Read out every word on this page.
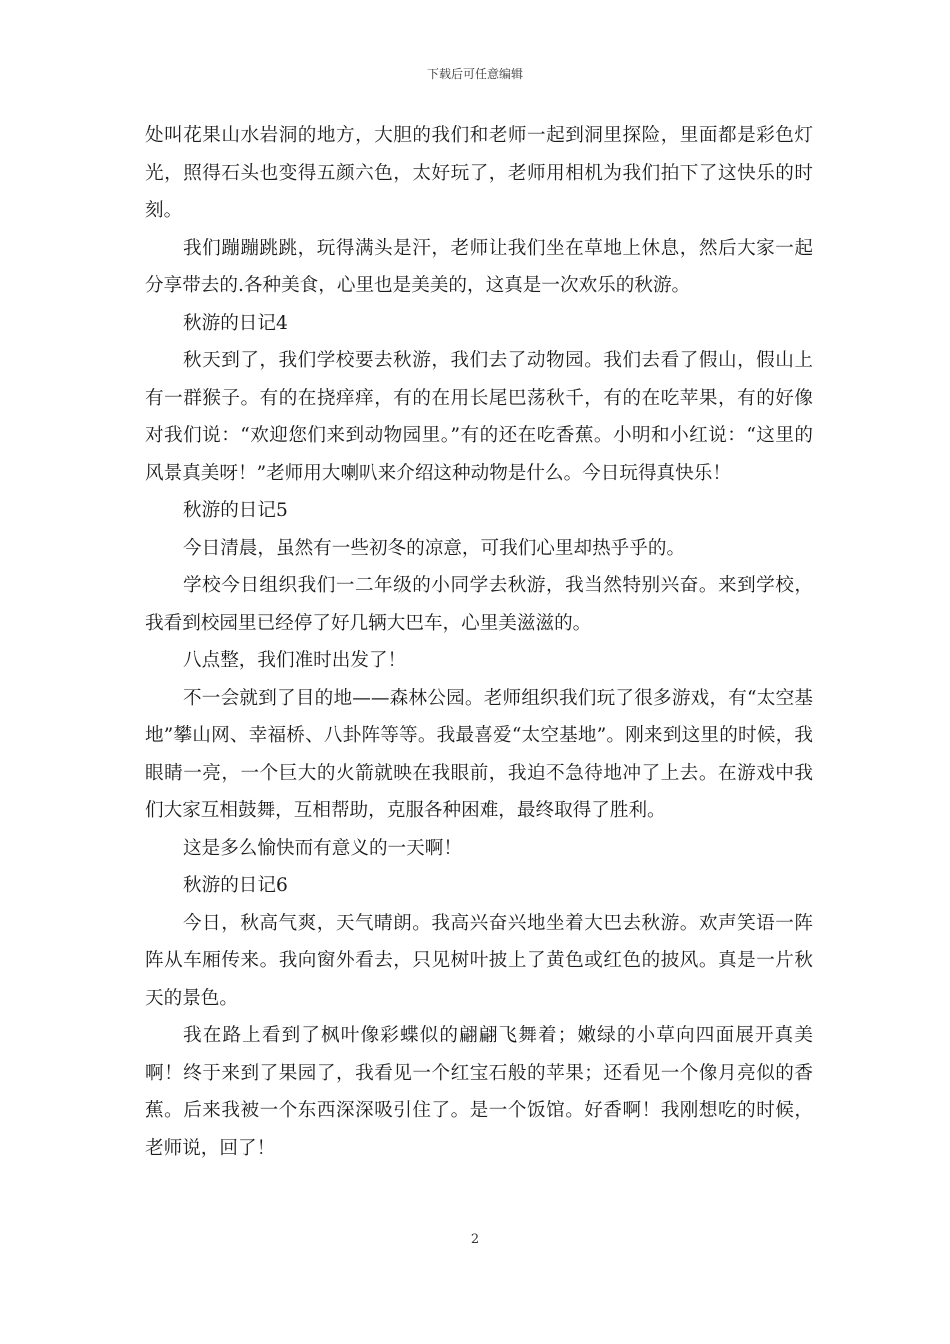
下载后可任意编辑

处叫花果山水岩洞的地方，大胆的我们和老师一起到洞里探险，里面都是彩色灯光，照得石头也变得五颜六色，太好玩了，老师用相机为我们拍下了这快乐的时刻。

我们蹦蹦跳跳，玩得满头是汗，老师让我们坐在草地上休息，然后大家一起分享带去的.各种美食，心里也是美美的，这真是一次欢乐的秋游。

秋游的日记4

秋天到了，我们学校要去秋游，我们去了动物园。我们去看了假山，假山上有一群猴子。有的在挠痒痒，有的在用长尾巴荡秋千，有的在吃苹果，有的好像对我们说：“欢迎您们来到动物园里。”有的还在吃香蕉。小明和小红说：“这里的风景真美呀！”老师用大喇叭来介绍这种动物是什么。今日玩得真快乐！

秋游的日记5

今日清晨，虽然有一些初冬的凉意，可我们心里却热乎乎的。

学校今日组织我们一二年级的小同学去秋游，我当然特别兴奋。来到学校，我看到校园里已经停了好几辆大巴车，心里美滋滋的。

八点整，我们准时出发了！

不一会就到了目的地——森林公园。老师组织我们玩了很多游戏，有“太空基地”攀山网、幸福桥、八卦阵等等。我最喜爱“太空基地”。刚来到这里的时候，我眼睛一亮，一个巨大的火箭就映在我眼前，我迫不急待地冲了上去。在游戏中我们大家互相鼓舞，互相帮助，克服各种困难，最终取得了胜利。

这是多么愉快而有意义的一天啊！

秋游的日记6

今日，秋高气爽，天气晴朗。我高兴奋兴地坐着大巴去秋游。欢声笑语一阵阵从车厢传来。我向窗外看去，只见树叶披上了黄色或红色的披风。真是一片秋天的景色。

我在路上看到了枫叶像彩蝶似的翩翩飞舞着；嫩绿的小草向四面展开真美啊！终于来到了果园了，我看见一个红宝石般的苹果；还看见一个像月亮似的香蕉。后来我被一个东西深深吸引住了。是一个饭馆。好香啊！我刚想吃的时候，老师说，回了！

2
